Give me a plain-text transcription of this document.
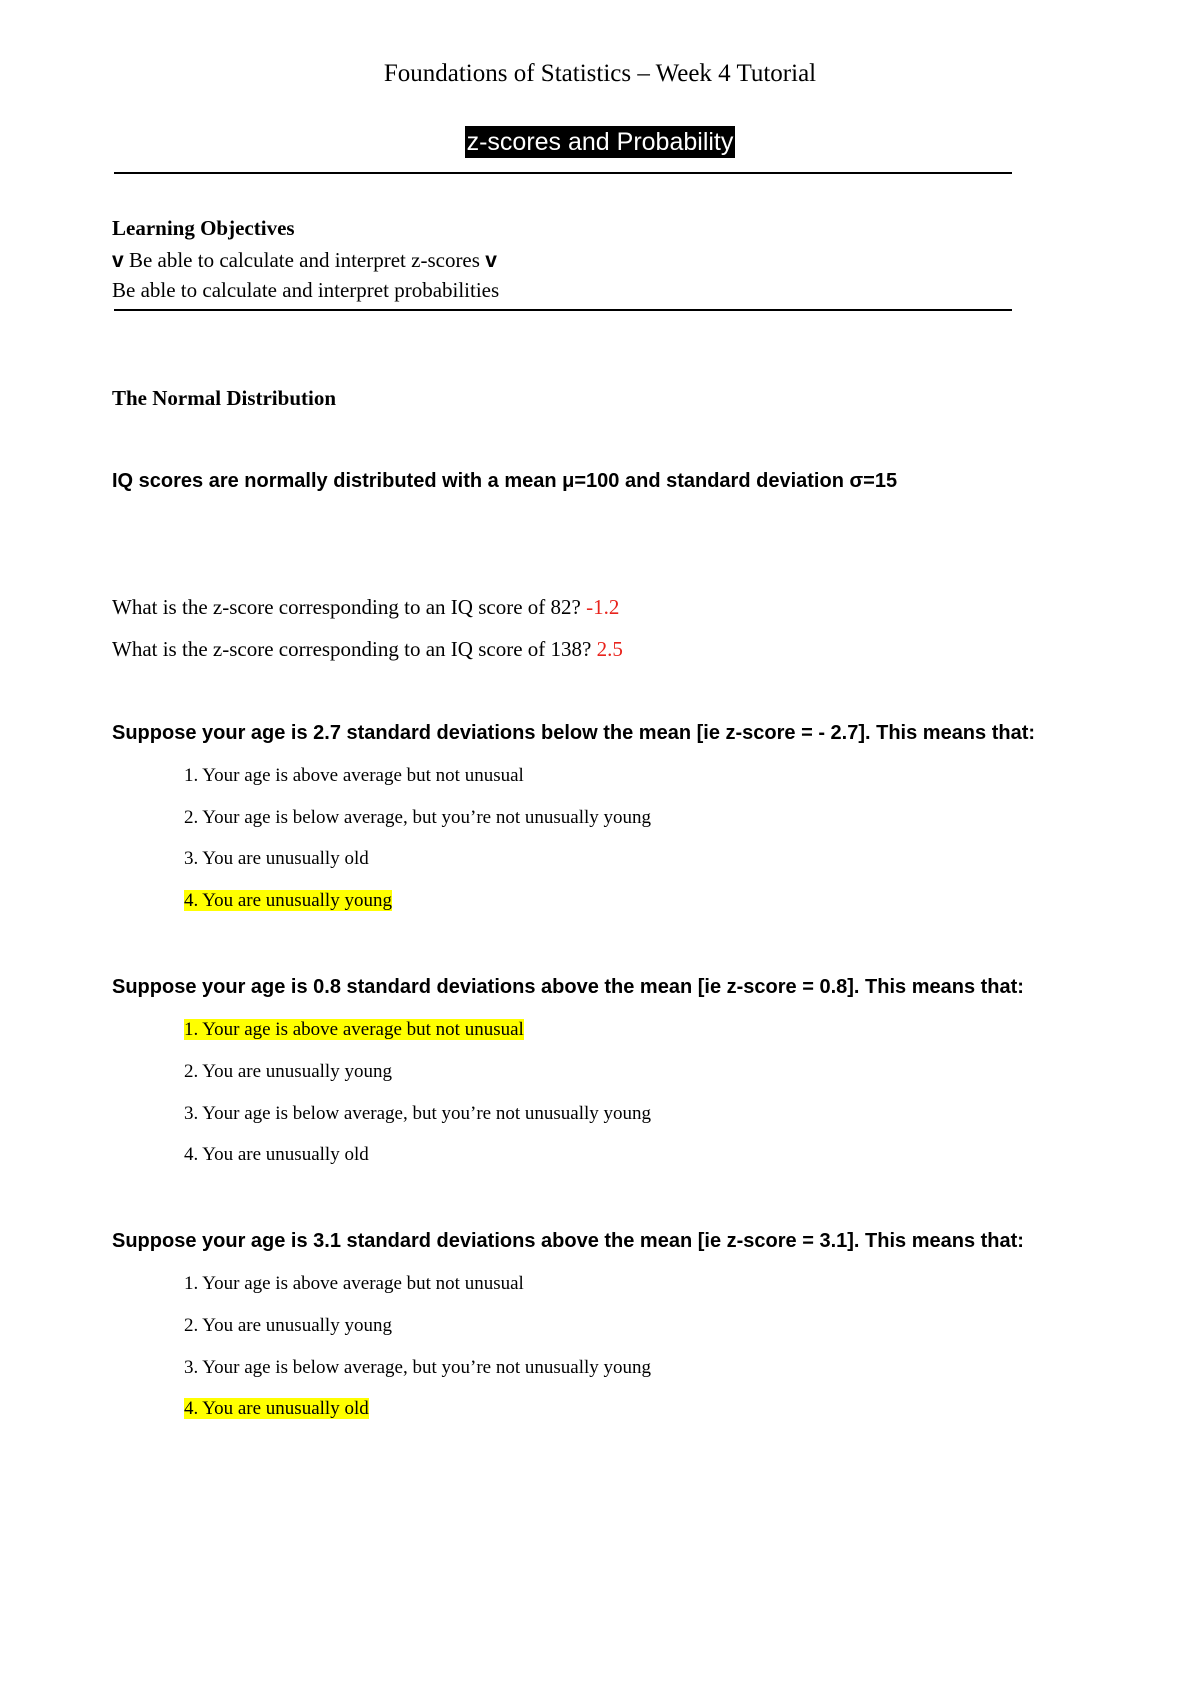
Foundations of Statistics – Week 4 Tutorial
z-scores and Probability
Learning Objectives
v Be able to calculate and interpret z-scores v
Be able to calculate and interpret probabilities
The Normal Distribution
IQ scores are normally distributed with a mean μ=100 and standard deviation σ=15
What is the z-score corresponding to an IQ score of 82? -1.2
What is the z-score corresponding to an IQ score of 138? 2.5
Suppose your age is 2.7 standard deviations below the mean [ie z-score = - 2.7]. This means that:
1. Your age is above average but not unusual
2. Your age is below average, but you’re not unusually young
3. You are unusually old
4. You are unusually young
Suppose your age is 0.8 standard deviations above the mean [ie z-score = 0.8]. This means that:
1. Your age is above average but not unusual
2. You are unusually young
3. Your age is below average, but you’re not unusually young
4. You are unusually old
Suppose your age is 3.1 standard deviations above the mean [ie z-score = 3.1]. This means that:
1. Your age is above average but not unusual
2. You are unusually young
3. Your age is below average, but you’re not unusually young
4. You are unusually old
